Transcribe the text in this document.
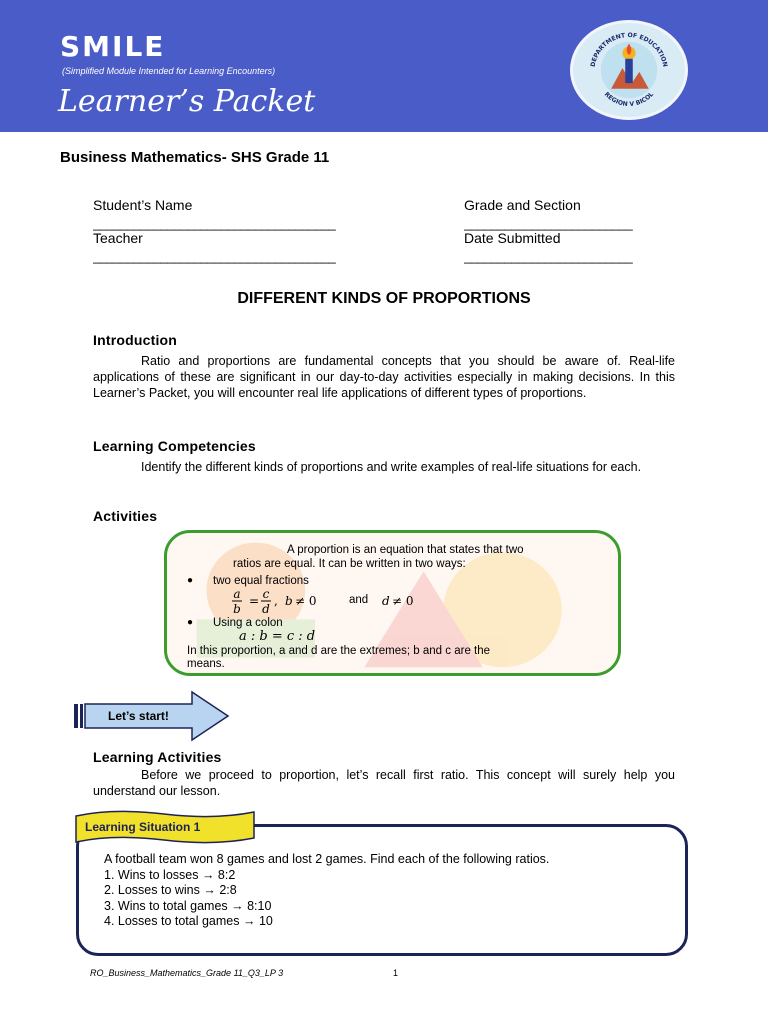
SMILE
(Simplified Module Intended for Learning Encounters)
Learner’s Packet
DEPARTMENT OF EDUCATION
REGION V BICOL
Business Mathematics- SHS Grade 11
Student’s Name
____________________________________
Teacher
____________________________________
Grade and Section
_________________________
Date Submitted
_________________________
DIFFERENT KINDS OF PROPORTIONS
Introduction
Ratio and proportions are fundamental concepts that you should be aware of. Real-life applications of these are significant in our day-to-day activities especially in making decisions. In this Learner’s Packet, you will encounter real life applications of different types of proportions.
Learning Competencies
Identify the different kinds of proportions and write examples of real-life situations for each.
Activities
A proportion is an equation that states that two
ratios are equal. It can be written in two ways:
● two equal fractions
a
b
= c
d
, b ≠ 0	d ≠ 0
and
● Using a colon
a : b = c : d
In this proportion, a and d are the extremes; b and c are the
means.
Let’s start!
Learning Activities
Before we proceed to proportion, let’s recall first ratio. This concept will surely help you understand our lesson.
Learning Situation 1
A football team won 8 games and lost 2 games. Find each of the following ratios.
1. Wins to losses → 8:2
2. Losses to wins → 2:8
3. Wins to total games → 8:10
4. Losses to total games → 10
RO_Business_Mathematics_Grade 11_Q3_LP 3	1
